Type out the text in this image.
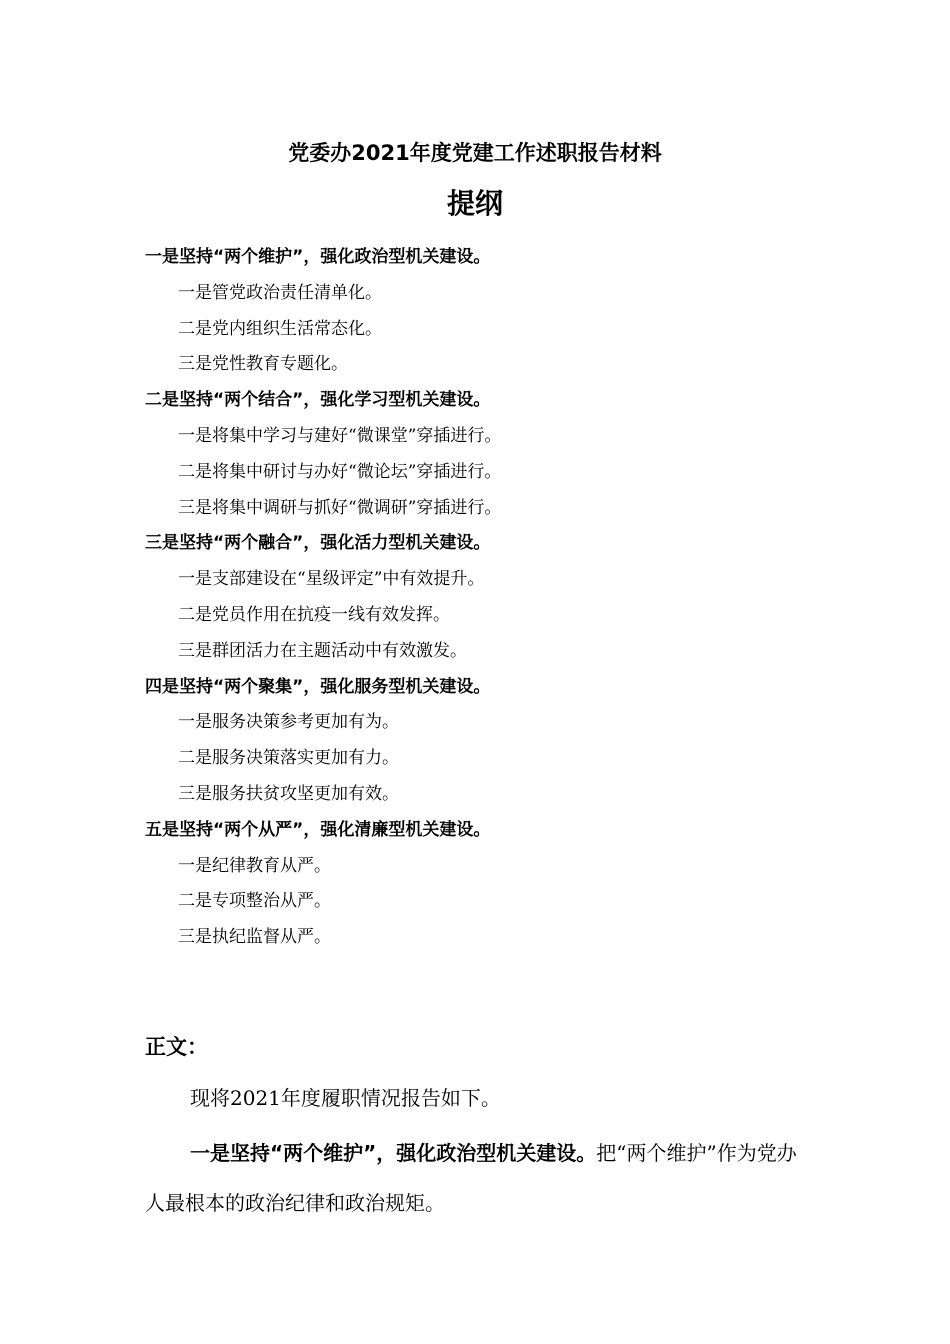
党委办2021年度党建工作述职报告材料
提纲
一是坚持“两个维护”，强化政治型机关建设。
一是管党政治责任清单化。
二是党内组织生活常态化。
三是党性教育专题化。
二是坚持“两个结合”，强化学习型机关建设。
一是将集中学习与建好“微课堂”穿插进行。
二是将集中研讨与办好“微论坛”穿插进行。
三是将集中调研与抓好“微调研”穿插进行。
三是坚持“两个融合”，强化活力型机关建设。
一是支部建设在“星级评定”中有效提升。
二是党员作用在抗疫一线有效发挥。
三是群团活力在主题活动中有效激发。
四是坚持“两个聚集”，强化服务型机关建设。
一是服务决策参考更加有为。
二是服务决策落实更加有力。
三是服务扶贫攻坚更加有效。
五是坚持“两个从严”，强化清廉型机关建设。
一是纪律教育从严。
二是专项整治从严。
三是执纪监督从严。
正文：
现将2021年度履职情况报告如下。
一是坚持“两个维护”，强化政治型机关建设。把“两个维护”作为党办人最根本的政治纪律和政治规矩。
